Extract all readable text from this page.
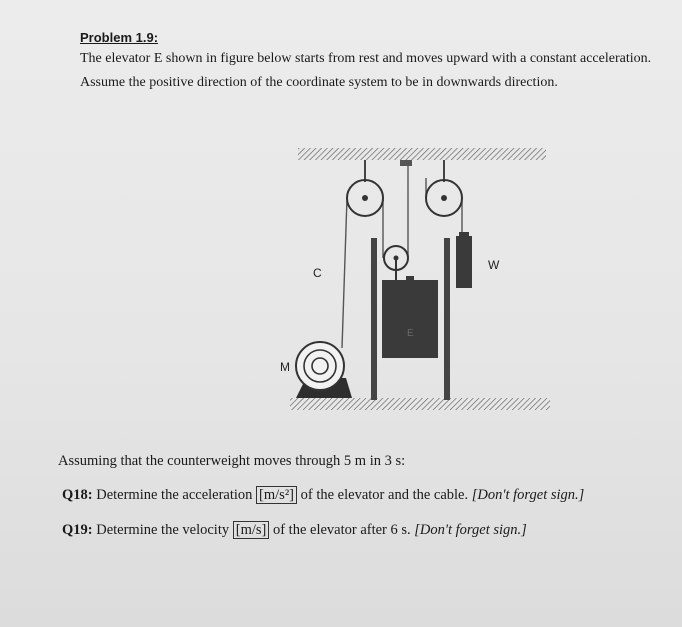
Problem 1.9:
The elevator E shown in figure below starts from rest and moves upward with a constant acceleration.
Assume the positive direction of the coordinate system to be in downwards direction.
E
W
C
M
Assuming that the counterweight moves through 5 m in 3 s:
Q18: Determine the acceleration [m/s²] of the elevator and the cable. [Don't forget sign.]
Q19: Determine the velocity [m/s] of the elevator after 6 s. [Don't forget sign.]
